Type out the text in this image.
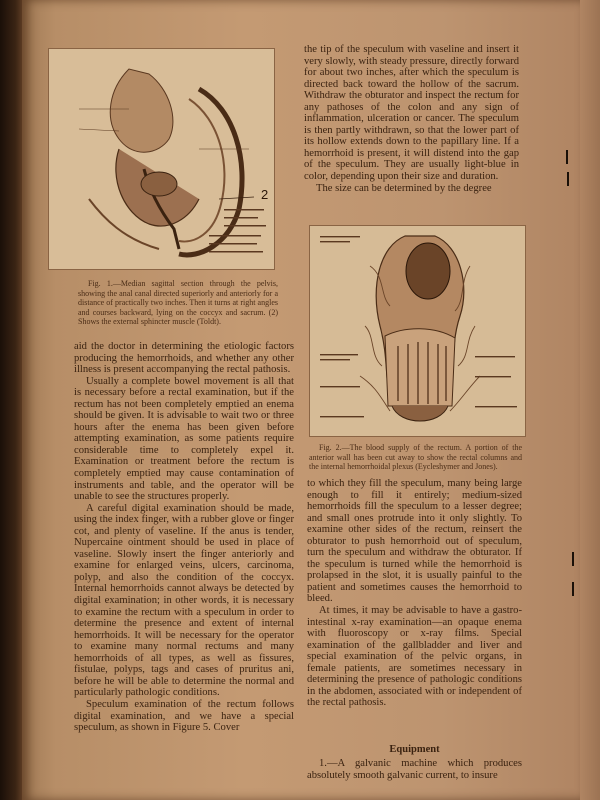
2

Fig. 1.—Median sagittal section through the pelvis, showing the anal canal directed superiorly and anteriorly for a distance of practically two inches. Then it turns at right angles and courses backward, lying on the coccyx and sacrum. (2) Shows the external sphincter muscle (Toldt).

aid the doctor in determining the etiologic factors producing the hemorrhoids, and whether any other illness is present accompanying the rectal pathosis.

Usually a complete bowel movement is all that is necessary before a rectal examination, but if the rectum has not been completely emptied an enema should be given. It is advisable to wait two or three hours after the enema has been given before attempting examination, as some patients require considerable time to completely expel it. Examination or treatment before the rectum is completely emptied may cause contamination of instruments and table, and the operator will be unable to see the structures properly.

A careful digital examination should be made, using the index finger, with a rubber glove or finger cot, and plenty of vaseline. If the anus is tender, Nupercaine ointment should be used in place of vaseline. Slowly insert the finger anteriorly and examine for enlarged veins, ulcers, carcinoma, polyp, and also the condition of the coccyx. Internal hemorrhoids cannot always be detected by digital examination; in other words, it is necessary to examine the rectum with a speculum in order to determine the presence and extent of internal hemorrhoids. It will be necessary for the operator to examine many normal rectums and many hemorrhoids of all types, as well as fissures, fistulae, polyps, tags and cases of pruritus ani, before he will be able to determine the normal and particularly pathologic conditions.

Speculum examination of the rectum follows digital examination, and we have a special speculum, as shown in Figure 5. Cover

the tip of the speculum with vaseline and insert it very slowly, with steady pressure, directly forward for about two inches, after which the speculum is directed back toward the hollow of the sacrum. Withdraw the obturator and inspect the rectum for any pathoses of the colon and any sign of inflammation, ulceration or cancer. The speculum is then partly withdrawn, so that the lower part of its hollow extends down to the papillary line. If a hemorrhoid is present, it will distend into the gap of the speculum. They are usually light-blue in color, depending upon their size and duration.

The size can be determined by the degree

Fig. 2.—The blood supply of the rectum. A portion of the anterior wall has been cut away to show the rectal columns and the internal hemorrhoidal plexus (Eycleshymer and Jones).

to which they fill the speculum, many being large enough to fill it entirely; medium-sized hemorrhoids fill the speculum to a lesser degree; and small ones protrude into it only slightly. To examine other sides of the rectum, reinsert the obturator to push hemorrhoid out of speculum, turn the speculum and withdraw the obturator. If the speculum is turned while the hemorrhoid is prolapsed in the slot, it is usually painful to the patient and sometimes causes the hemorrhoid to bleed.

At times, it may be advisable to have a gastro-intestinal x-ray examination—an opaque enema with fluoroscopy or x-ray films. Special examination of the gallbladder and liver and special examination of the pelvic organs, in female patients, are sometimes necessary in determining the presence of pathologic conditions in the abdomen, associated with or independent of the rectal pathosis.

Equipment

1.—A galvanic machine which produces absolutely smooth galvanic current, to insure
